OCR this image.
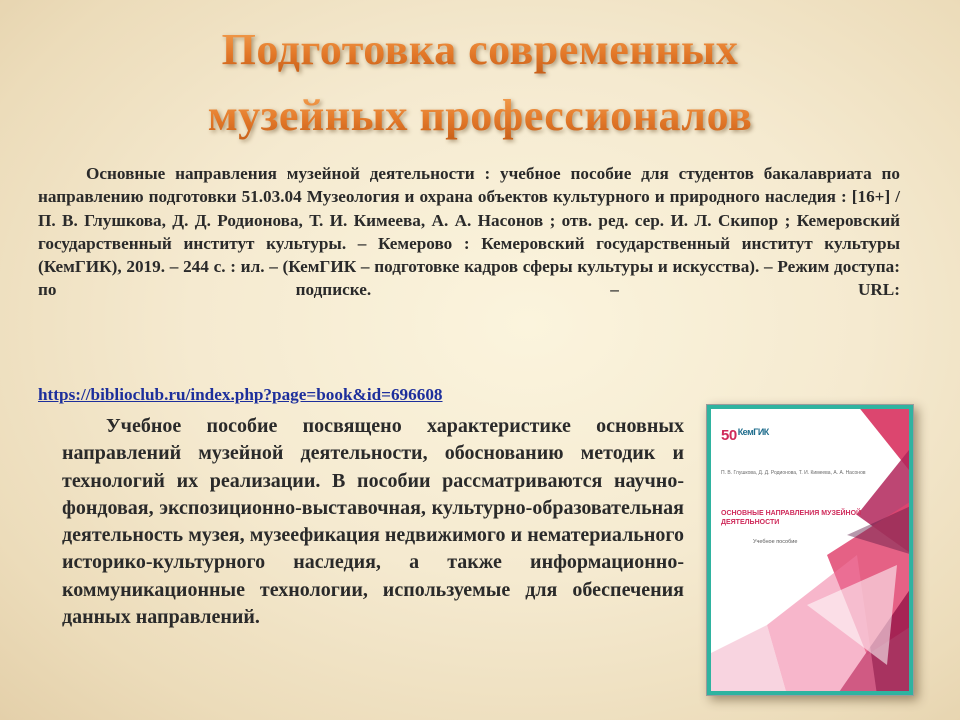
Подготовка современных
музейных профессионалов

Основные направления музейной деятельности : учебное пособие для студентов бакалавриата по направлению подготовки 51.03.04 Музеология и охрана объектов культурного и природного наследия : [16+] / П. В. Глушкова, Д. Д. Родионова, Т. И. Кимеева, А. А. Насонов ; отв. ред. сер. И. Л. Скипор ; Кемеровский государственный институт культуры. – Кемерово : Кемеровский государственный институт культуры (КемГИК), 2019. – 244 с. : ил. – (КемГИК – подготовке кадров сферы культуры и искусства). – Режим доступа: по подписке. – URL:

https://biblioclub.ru/index.php?page=book&id=696608

Учебное пособие посвящено характеристике основных направлений музейной деятельности, обоснованию методик и технологий их реализации. В пособии рассматриваются научно-фондовая, экспозиционно-выставочная, культурно-образовательная деятельность музея, музеефикация недвижимого и нематериального историко-культурного наследия, а также информационно-коммуникационные технологии, используемые для обеспечения данных направлений.

$50^{КемГИК}$
П. В. Глушкова, Д. Д. Родионова, Т. И. Кимеева, А. А. Насонов
ОСНОВНЫЕ НАПРАВЛЕНИЯ МУЗЕЙНОЙ ДЕЯТЕЛЬНОСТИ
Учебное пособие
